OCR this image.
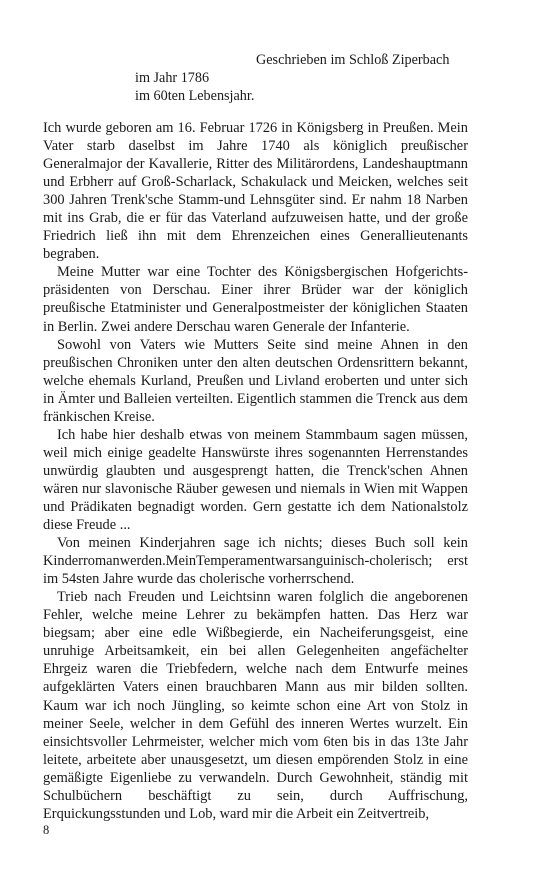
Geschrieben im Schloß Ziperbach
im Jahr 1786
im 60ten Lebensjahr.

Ich wurde geboren am 16. Februar 1726 in Königsberg in Preußen. Mein Vater starb daselbst im Jahre 1740 als königlich preußischer Generalmajor der Kavallerie, Ritter des Militärordens, Landeshauptmann und Erbherr auf Groß-Scharlack, Schakulack und Meicken, welches seit 300 Jahren Trenk'sche Stamm-und Lehnsgüter sind. Er nahm 18 Narben mit ins Grab, die er für das Vaterland aufzuweisen hatte, und der große Friedrich ließ ihn mit dem Ehrenzeichen eines Generallieutenants begraben.

Meine Mutter war eine Tochter des Königsbergischen Hofgerichtspräsidenten von Derschau. Einer ihrer Brüder war der königlich preußische Etatminister und Generalpostmeister der königlichen Staaten in Berlin. Zwei andere Derschau waren Generale der Infanterie.

Sowohl von Vaters wie Mutters Seite sind meine Ahnen in den preußischen Chroniken unter den alten deutschen Ordensrittern bekannt, welche ehemals Kurland, Preußen und Livland eroberten und unter sich in Ämter und Balleien verteilten. Eigentlich stammen die Trenck aus dem fränkischen Kreise.

Ich habe hier deshalb etwas von meinem Stammbaum sagen müssen, weil mich einige geadelte Hanswürste ihres sogenannten Herrenstandes unwürdig glaubten und ausgesprengt hatten, die Trenck'schen Ahnen wären nur slavonische Räuber gewesen und niemals in Wien mit Wappen und Prädikaten begnadigt worden. Gern gestatte ich dem Nationalstolz diese Freude ...

Von meinen Kinderjahren sage ich nichts; dieses Buch soll kein Kinderromanwerden.MeinTemperamentwarsanguinisch-cholerisch; erst im 54sten Jahre wurde das cholerische vorherrschend.

Trieb nach Freuden und Leichtsinn waren folglich die angeborenen Fehler, welche meine Lehrer zu bekämpfen hatten. Das Herz war biegsam; aber eine edle Wißbegierde, ein Nacheiferungsgeist, eine unruhige Arbeitsamkeit, ein bei allen Gelegenheiten angefächelter Ehrgeiz waren die Triebfedern, welche nach dem Entwurfe meines aufgeklärten Vaters einen brauchbaren Mann aus mir bilden sollten. Kaum war ich noch Jüngling, so keimte schon eine Art von Stolz in meiner Seele, welcher in dem Gefühl des inneren Wertes wurzelt. Ein einsichtsvoller Lehrmeister, welcher mich vom 6ten bis in das 13te Jahr leitete, arbeitete aber unausgesetzt, um diesen empörenden Stolz in eine gemäßigte Eigenliebe zu verwandeln. Durch Gewohnheit, ständig mit Schulbüchern beschäftigt zu sein, durch Auffrischung, Erquickungsstunden und Lob, ward mir die Arbeit ein Zeitvertreib,

8
